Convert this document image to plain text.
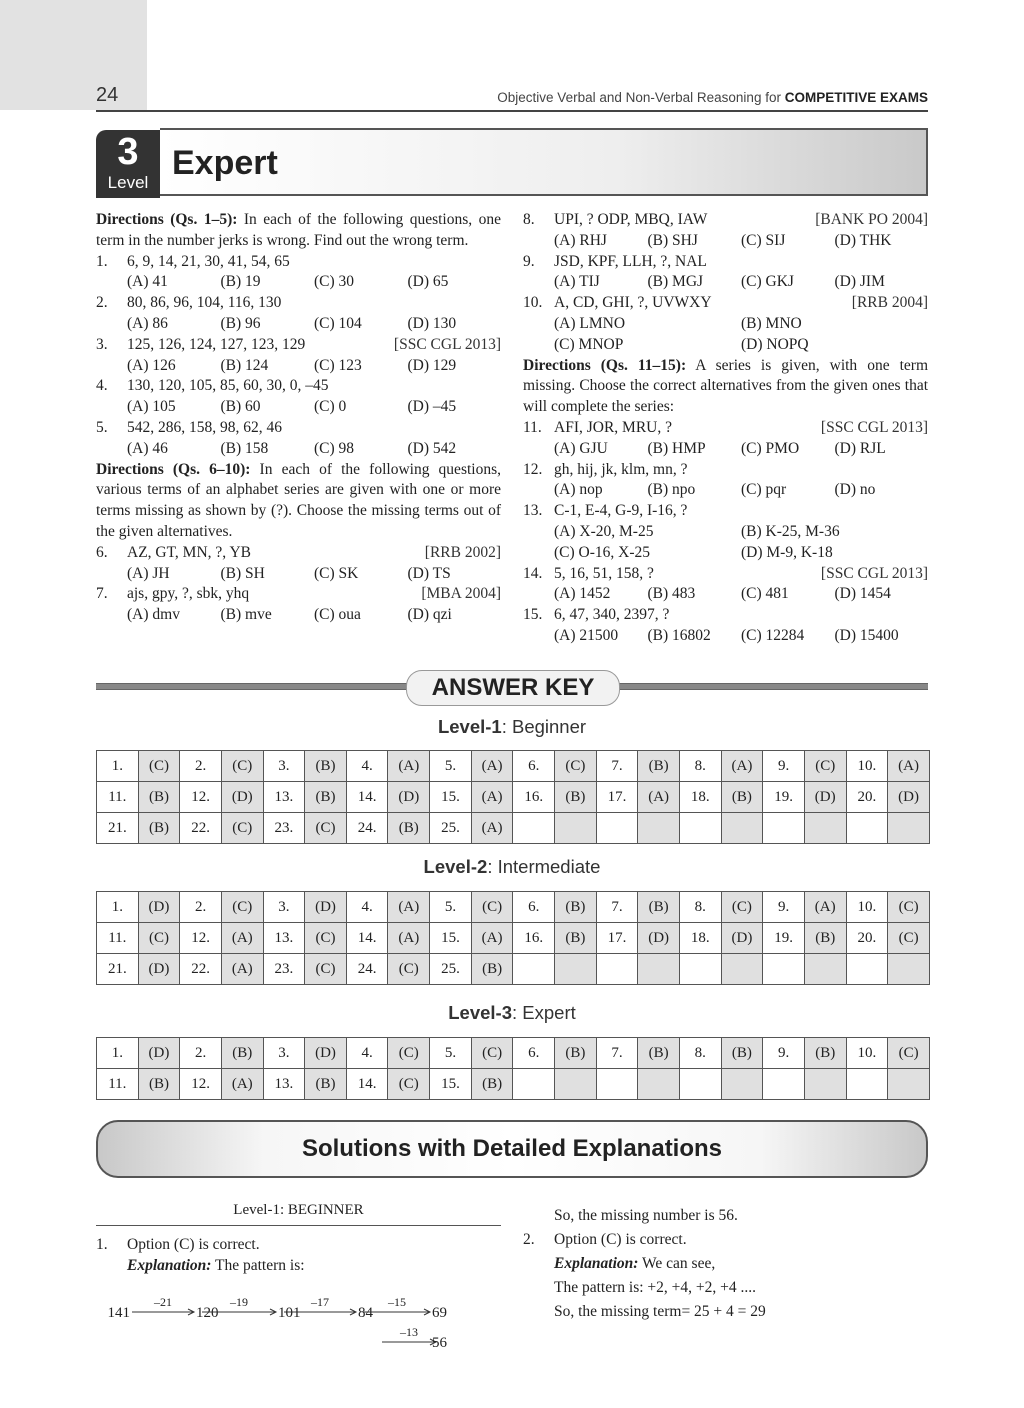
24	Objective Verbal and Non-Verbal Reasoning for COMPETITIVE EXAMS
3
Level
Expert
Directions (Qs. 1–5): In each of the following questions, one term in the number jerks is wrong. Find out the wrong term.
1.	6, 9, 14, 21, 30, 41, 54, 65
(A) 41	(B) 19	(C) 30	(D) 65
2.	80, 86, 96, 104, 116, 130
(A) 86	(B) 96	(C) 104	(D) 130
3.	125, 126, 124, 127, 123, 129	[SSC CGL 2013]
(A) 126	(B) 124	(C) 123	(D) 129
4.	130, 120, 105, 85, 60, 30, 0, –45
(A) 105	(B) 60	(C) 0	(D) –45
5.	542, 286, 158, 98, 62, 46
(A) 46	(B) 158	(C) 98	(D) 542
Directions (Qs. 6–10): In each of the following questions, various terms of an alphabet series are given with one or more terms missing as shown by (?). Choose the missing terms out of the given alternatives.
6.	AZ, GT, MN, ?, YB	[RRB 2002]
(A) JH	(B) SH	(C) SK	(D) TS
7.	ajs, gpy, ?, sbk, yhq	[MBA 2004]
(A) dmv	(B) mve	(C) oua	(D) qzi
8.	UPI, ? ODP, MBQ, IAW	[BANK PO 2004]
(A) RHJ	(B) SHJ	(C) SIJ	(D) THK
9.	JSD, KPF, LLH, ?, NAL
(A) TIJ	(B) MGJ	(C) GKJ	(D) JIM
10. A, CD, GHI, ?, UVWXY	[RRB 2004]
(A) LMNO	(B) MNO
(C) MNOP	(D) NOPQ
Directions (Qs. 11–15): A series is given, with one term missing. Choose the correct alternatives from the given ones that will complete the series:
11. AFI, JOR, MRU, ?	[SSC CGL 2013]
(A) GJU	(B) HMP	(C) PMO	(D) RJL
12. gh, hij, jk, klm, mn, ?
(A) nop	(B) npo	(C) pqr	(D) no
13. C-1, E-4, G-9, I-16, ?
(A) X-20, M-25	(B) K-25, M-36
(C) O-16, X-25	(D) M-9, K-18
14. 5, 16, 51, 158, ?	[SSC CGL 2013]
(A) 1452	(B) 483	(C) 481	(D) 1454
15. 6, 47, 340, 2397, ?
(A) 21500	(B) 16802	(C) 12284	(D) 15400
ANSWER KEY
Level-1: Beginner
1.	(C)	2.	(C)	3.	(B)	4.	(A)	5.	(A)	6.	(C)	7.	(B)	8.	(A)	9.	(C)	10.	(A)
11.	(B)	12.	(D)	13.	(B)	14.	(D)	15.	(A)	16.	(B)	17.	(A)	18.	(B)	19.	(D)	20.	(D)
21.	(B)	22.	(C)	23.	(C)	24.	(B)	25.	(A)										
Level-2: Intermediate
1.	(D)	2.	(C)	3.	(D)	4.	(A)	5.	(C)	6.	(B)	7.	(B)	8.	(C)	9.	(A)	10.	(C)
11.	(C)	12.	(A)	13.	(C)	14.	(A)	15.	(A)	16.	(B)	17.	(D)	18.	(D)	19.	(B)	20.	(C)
21.	(D)	22.	(A)	23.	(C)	24.	(C)	25.	(B)										
Level-3: Expert
1.	(D)	2.	(B)	3.	(D)	4.	(C)	5.	(C)	6.	(B)	7.	(B)	8.	(B)	9.	(B)	10.	(C)
11.	(B)	12.	(A)	13.	(B)	14.	(C)	15.	(B)										
Solutions with Detailed Explanations
Level-1: BEGINNER
1.	Option (C) is correct.
Explanation: The pattern is:
141
–21
120
–19
101
–17
84
–15
69
–13
56
So, the missing number is 56.
2.	Option (C) is correct.
Explanation: We can see,
The pattern is: +2, +4, +2, +4 ....
So, the missing term= 25 + 4 = 29
